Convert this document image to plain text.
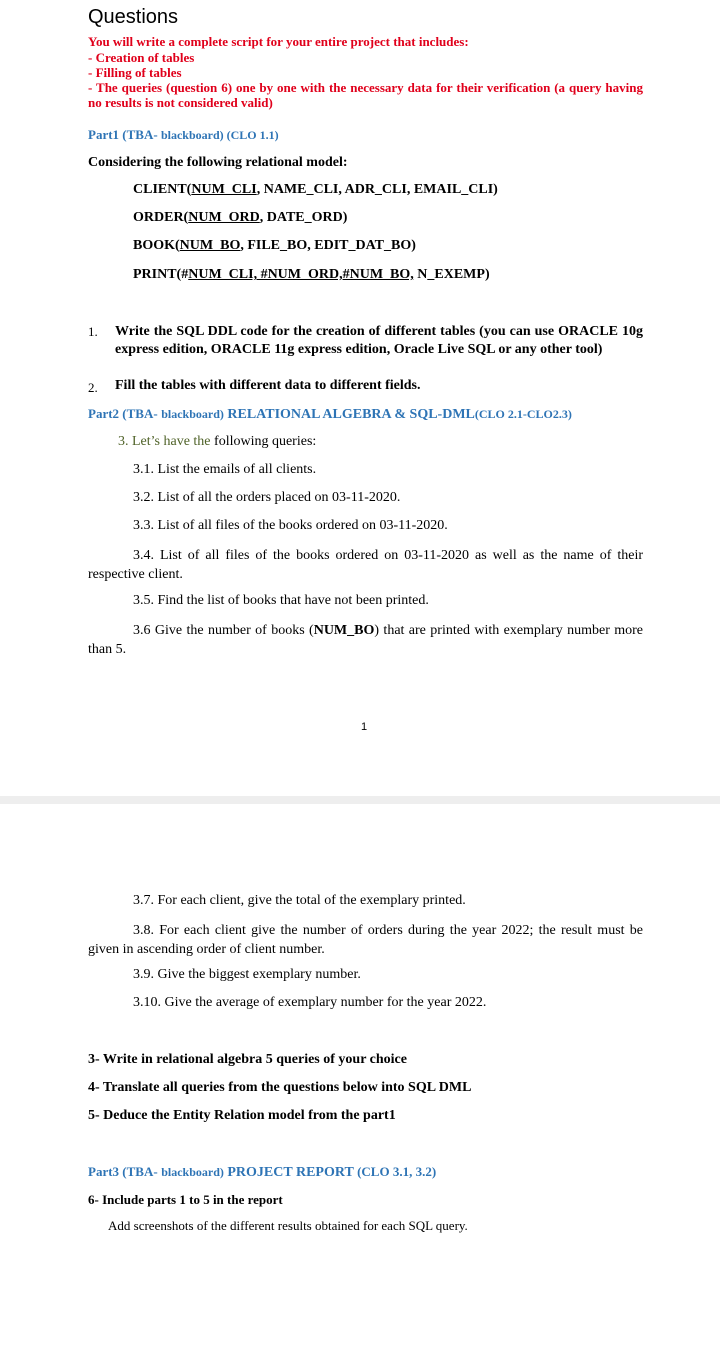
Questions
You will write a complete script for your entire project that includes:
- Creation of tables
- Filling of tables
- The queries (question 6) one by one with the necessary data for their verification (a query having no results is not considered valid)
Part1 (TBA- blackboard) (CLO 1.1)
Considering the following relational model:
CLIENT(NUM_CLI, NAME_CLI, ADR_CLI, EMAIL_CLI)
ORDER(NUM_ORD, DATE_ORD)
BOOK(NUM_BO, FILE_BO, EDIT_DAT_BO)
PRINT(#NUM_CLI, #NUM_ORD,#NUM_BO, N_EXEMP)
1. Write the SQL DDL code for the creation of different tables (you can use ORACLE 10g express edition, ORACLE 11g express edition, Oracle Live SQL or any other tool)
2. Fill the tables with different data to different fields.
Part2 (TBA- blackboard) RELATIONAL ALGEBRA & SQL-DML(CLO 2.1-CLO2.3)
3. Let’s have the following queries:
3.1. List the emails of all clients.
3.2. List of all the orders placed on 03-11-2020.
3.3. List of all files of the books ordered on 03-11-2020.
3.4. List of all files of the books ordered on 03-11-2020 as well as the name of their respective client.
3.5. Find the list of books that have not been printed.
3.6 Give the number of books (NUM_BO) that are printed with exemplary number more than 5.
1
3.7. For each client, give the total of the exemplary printed.
3.8. For each client give the number of orders during the year 2022; the result must be given in ascending order of client number.
3.9. Give the biggest exemplary number.
3.10. Give the average of exemplary number for the year 2022.
3- Write in relational algebra 5 queries of your choice
4- Translate all queries from the questions below into SQL DML
5- Deduce the Entity Relation model from the part1
Part3 (TBA- blackboard) PROJECT REPORT (CLO 3.1, 3.2)
6- Include parts 1 to 5 in the report
Add screenshots of the different results obtained for each SQL query.
